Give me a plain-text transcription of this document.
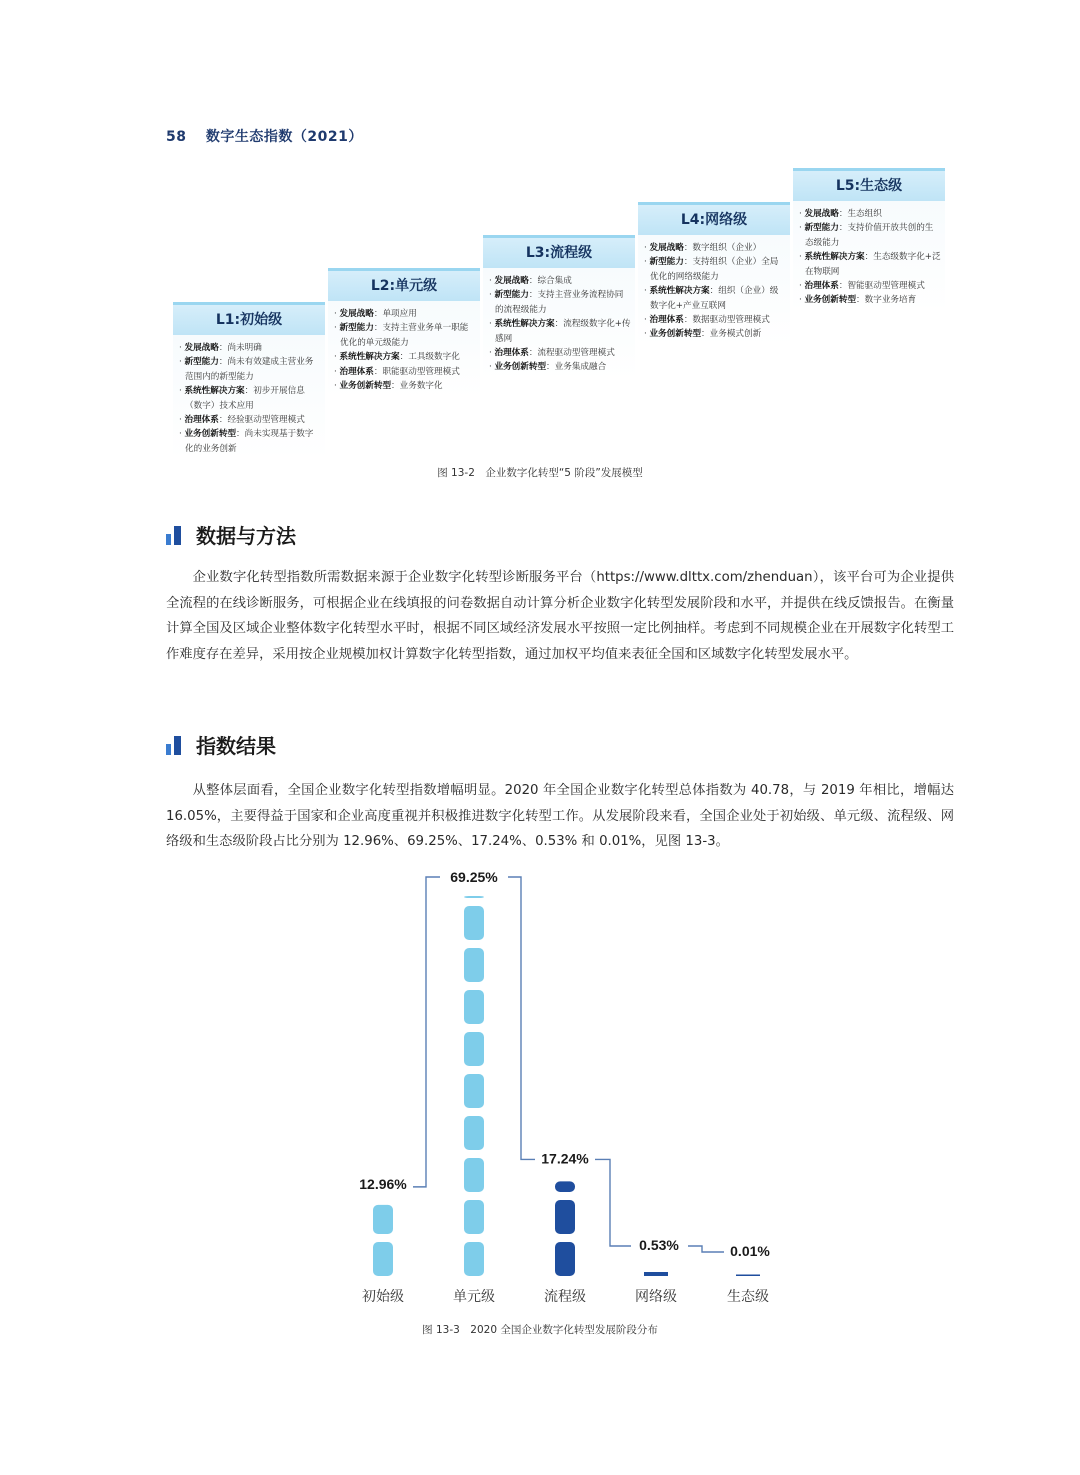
58 数字生态指数（2021）
L1:初始级
· 发展战略：尚未明确
· 新型能力：尚未有效建成主营业务范围内的新型能力
· 系统性解决方案：初步开展信息（数字）技术应用
· 治理体系：经验驱动型管理模式
· 业务创新转型：尚未实现基于数字化的业务创新
L2:单元级
· 发展战略：单项应用
· 新型能力：支持主营业务单一职能优化的单元级能力
· 系统性解决方案：工具级数字化
· 治理体系：职能驱动型管理模式
· 业务创新转型：业务数字化
L3:流程级
· 发展战略：综合集成
· 新型能力：支持主营业务流程协同的流程级能力
· 系统性解决方案：流程级数字化+传感网
· 治理体系：流程驱动型管理模式
· 业务创新转型：业务集成融合
L4:网络级
· 发展战略：数字组织（企业）
· 新型能力：支持组织（企业）全局优化的网络级能力
· 系统性解决方案：组织（企业）级数字化+产业互联网
· 治理体系：数据驱动型管理模式
· 业务创新转型：业务模式创新
L5:生态级
· 发展战略：生态组织
· 新型能力：支持价值开放共创的生态级能力
· 系统性解决方案：生态级数字化+泛在物联网
· 治理体系：智能驱动型管理模式
· 业务创新转型：数字业务培育
图 13-2　企业数字化转型“5 阶段”发展模型
数据与方法
企业数字化转型指数所需数据来源于企业数字化转型诊断服务平台（https://www.dlttx.com/zhenduan），该平台可为企业提供全流程的在线诊断服务，可根据企业在线填报的问卷数据自动计算分析企业数字化转型发展阶段和水平，并提供在线反馈报告。在衡量计算全国及区域企业整体数字化转型水平时，根据不同区域经济发展水平按照一定比例抽样。考虑到不同规模企业在开展数字化转型工作难度存在差异，采用按企业规模加权计算数字化转型指数，通过加权平均值来表征全国和区域数字化转型发展水平。
指数结果
从整体层面看，全国企业数字化转型指数增幅明显。2020 年全国企业数字化转型总体指数为 40.78，与 2019 年相比，增幅达 16.05%，主要得益于国家和企业高度重视并积极推进数字化转型工作。从发展阶段来看，全国企业处于初始级、单元级、流程级、网络级和生态级阶段占比分别为 12.96%、69.25%、17.24%、0.53% 和 0.01%，见图 13-3。
初始级	单元级	流程级	网络级	生态级
12.96%
69.25%
17.24%
0.53%	0.01%
图 13-3　2020 全国企业数字化转型发展阶段分布
